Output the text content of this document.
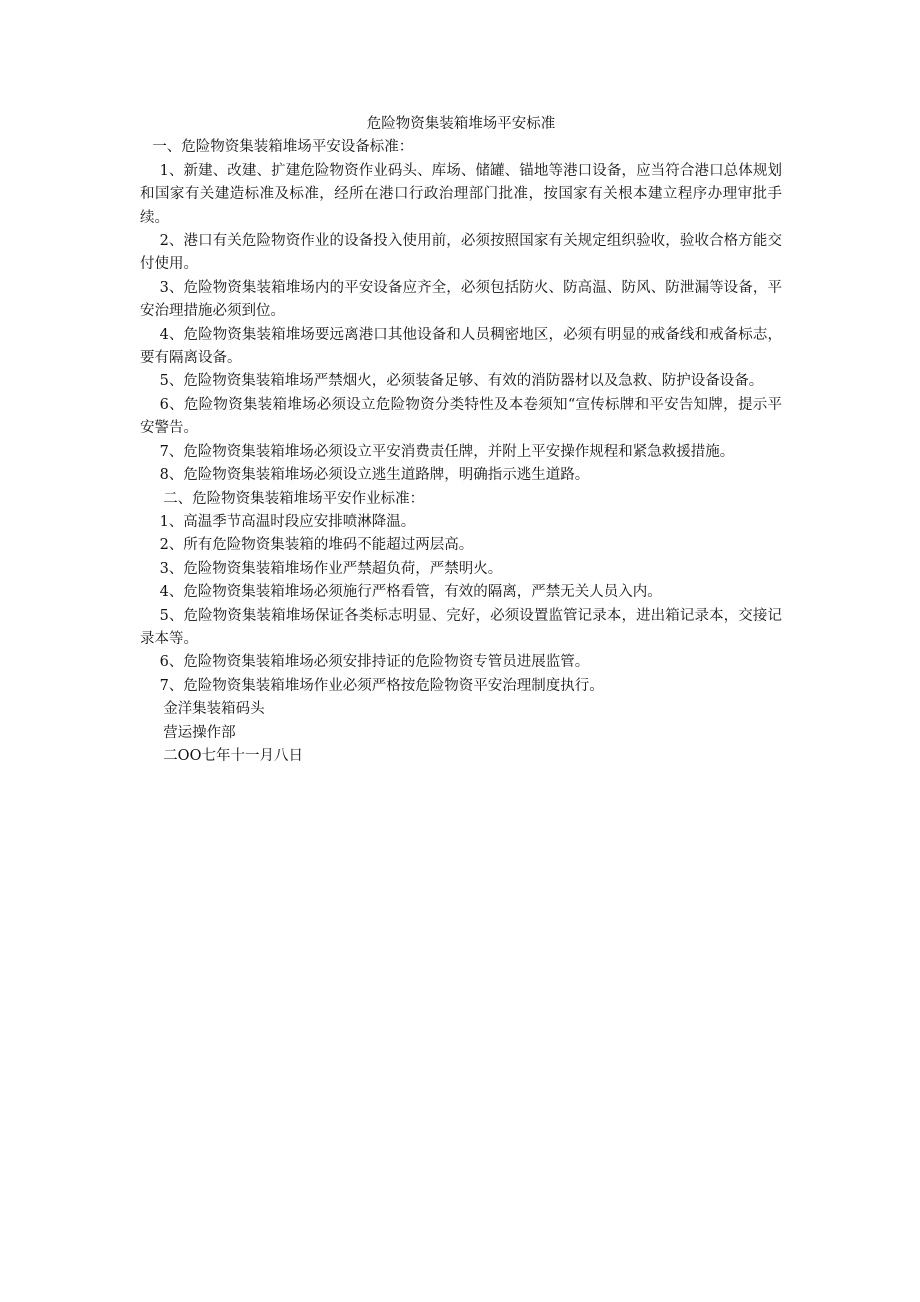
危险物资集装箱堆场平安标准

一、危险物资集装箱堆场平安设备标准：

1、新建、改建、扩建危险物资作业码头、库场、储罐、锚地等港口设备，应当符合港口总体规划和国家有关建造标准及标准，经所在港口行政治理部门批准，按国家有关根本建立程序办理审批手续。

2、港口有关危险物资作业的设备投入使用前，必须按照国家有关规定组织验收，验收合格方能交付使用。

3、危险物资集装箱堆场内的平安设备应齐全，必须包括防火、防高温、防风、防泄漏等设备，平安治理措施必须到位。

4、危险物资集装箱堆场要远离港口其他设备和人员稠密地区，必须有明显的戒备线和戒备标志，要有隔离设备。

5、危险物资集装箱堆场严禁烟火，必须装备足够、有效的消防器材以及急救、防护设备设备。

6、危险物资集装箱堆场必须设立危险物资分类特性及本卷须知“宣传标牌和平安告知牌，提示平安警告。

7、危险物资集装箱堆场必须设立平安消费责任牌，并附上平安操作规程和紧急救援措施。

8、危险物资集装箱堆场必须设立逃生道路牌，明确指示逃生道路。

二、危险物资集装箱堆场平安作业标准：

1、高温季节高温时段应安排喷淋降温。

2、所有危险物资集装箱的堆码不能超过两层高。

3、危险物资集装箱堆场作业严禁超负荷，严禁明火。

4、危险物资集装箱堆场必须施行严格看管，有效的隔离，严禁无关人员入内。

5、危险物资集装箱堆场保证各类标志明显、完好，必须设置监管记录本，进出箱记录本，交接记录本等。

6、危险物资集装箱堆场必须安排持证的危险物资专管员进展监管。

7、危险物资集装箱堆场作业必须严格按危险物资平安治理制度执行。

金洋集装箱码头

营运操作部

二OO七年十一月八日
